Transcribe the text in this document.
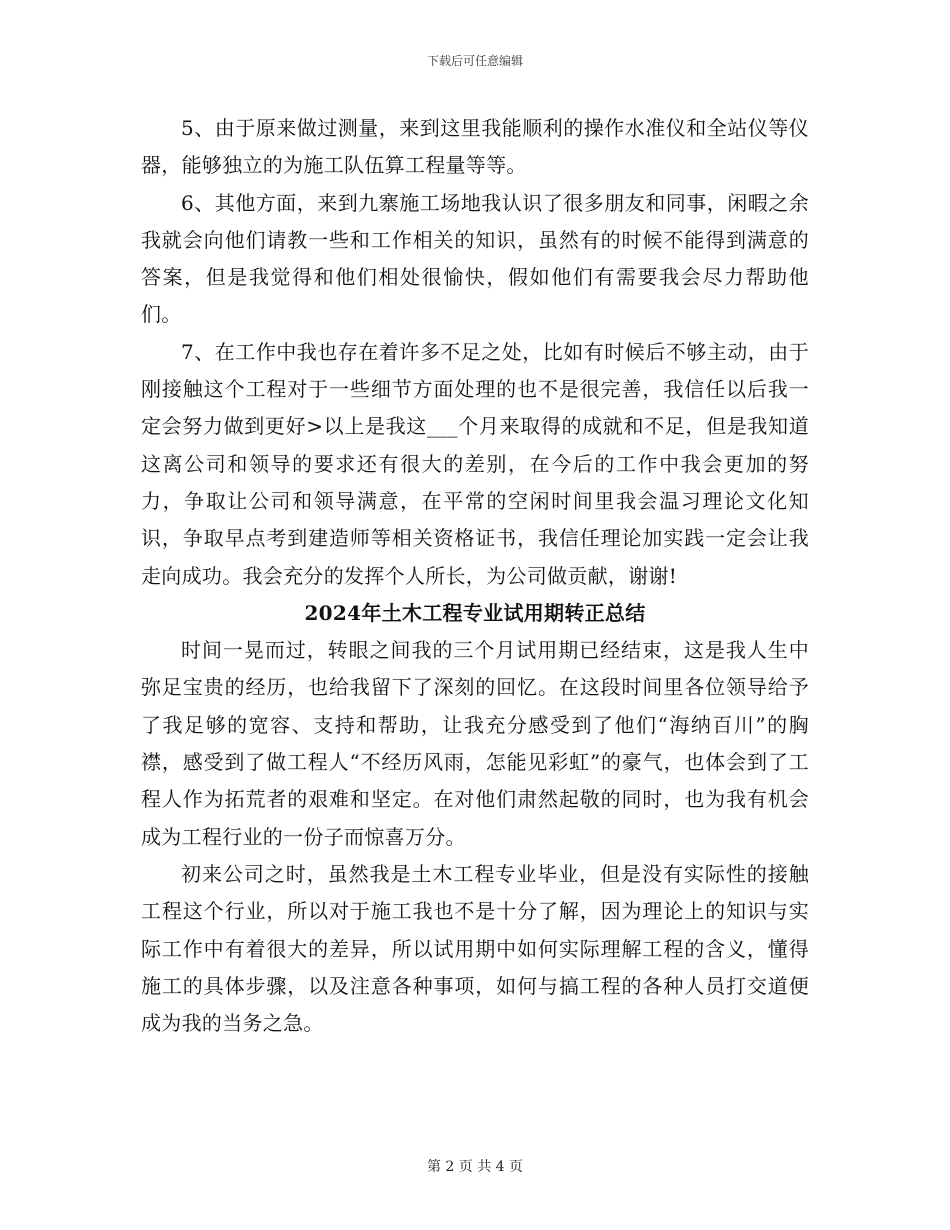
下载后可任意编辑

5、由于原来做过测量，来到这里我能顺利的操作水准仪和全站仪等仪器，能够独立的为施工队伍算工程量等等。

6、其他方面，来到九寨施工场地我认识了很多朋友和同事，闲暇之余我就会向他们请教一些和工作相关的知识，虽然有的时候不能得到满意的答案，但是我觉得和他们相处很愉快，假如他们有需要我会尽力帮助他们。

7、在工作中我也存在着许多不足之处，比如有时候后不够主动，由于刚接触这个工程对于一些细节方面处理的也不是很完善，我信任以后我一定会努力做到更好>以上是我这___个月来取得的成就和不足，但是我知道这离公司和领导的要求还有很大的差别，在今后的工作中我会更加的努力，争取让公司和领导满意，在平常的空闲时间里我会温习理论文化知识，争取早点考到建造师等相关资格证书，我信任理论加实践一定会让我走向成功。我会充分的发挥个人所长，为公司做贡献，谢谢!

2024年土木工程专业试用期转正总结

时间一晃而过，转眼之间我的三个月试用期已经结束，这是我人生中弥足宝贵的经历，也给我留下了深刻的回忆。在这段时间里各位领导给予了我足够的宽容、支持和帮助，让我充分感受到了他们“海纳百川”的胸襟，感受到了做工程人“不经历风雨，怎能见彩虹”的豪气，也体会到了工程人作为拓荒者的艰难和坚定。在对他们肃然起敬的同时，也为我有机会成为工程行业的一份子而惊喜万分。

初来公司之时，虽然我是土木工程专业毕业，但是没有实际性的接触工程这个行业，所以对于施工我也不是十分了解，因为理论上的知识与实际工作中有着很大的差异，所以试用期中如何实际理解工程的含义，懂得施工的具体步骤，以及注意各种事项，如何与搞工程的各种人员打交道便成为我的当务之急。

第 2 页 共 4 页
